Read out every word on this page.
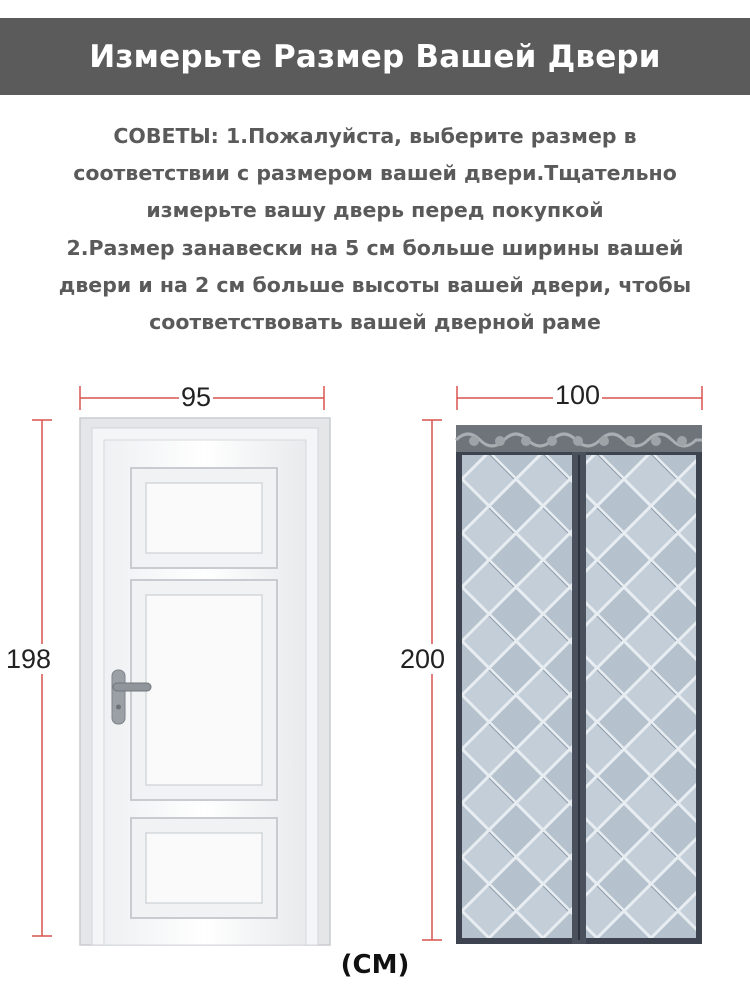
Измерьте Размер Вашей Двери
СОВЕТЫ: 1.Пожалуйста, выберите размер в
соответствии с размером вашей двери.Тщательно
измерьте вашу дверь перед покупкой
2.Размер занавески на 5 см больше ширины вашей
двери и на 2 см больше высоты вашей двери, чтобы
соответствовать вашей дверной раме
95
198
100
200
(CM)
